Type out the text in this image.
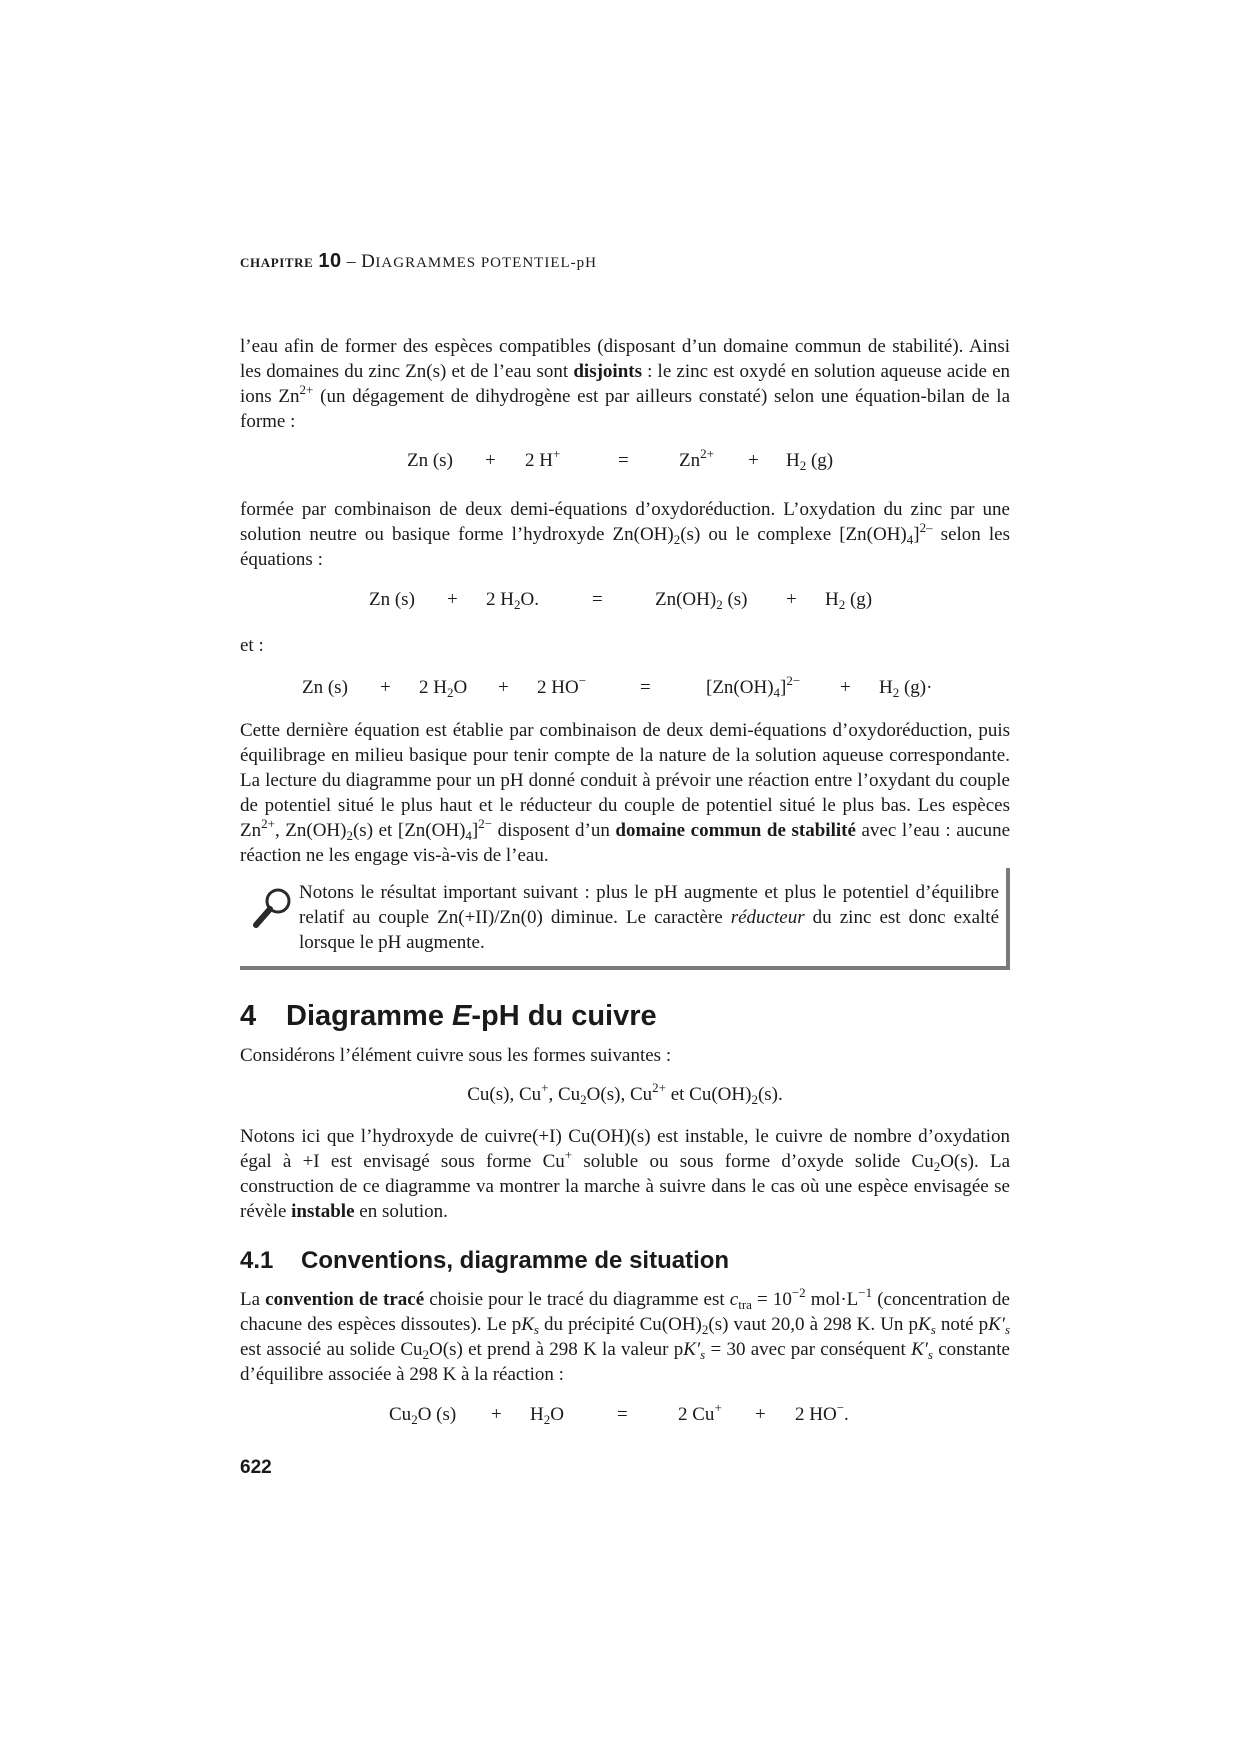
CHAPITRE 10 – DIAGRAMMES POTENTIEL-pH
l’eau afin de former des espèces compatibles (disposant d’un domaine commun de stabilité). Ainsi les domaines du zinc Zn(s) et de l’eau sont disjoints : le zinc est oxydé en solution aqueuse acide en ions $Zn^{2+}$ (un dégagement de dihydrogène est par ailleurs constaté) selon une équation-bilan de la forme :
Zn (s) + 2 H+	=	$Zn^{2+} + H_2$ (g)
formée par combinaison de deux demi-équations d’oxydoréduction. L’oxydation du zinc par une solution neutre ou basique forme l’hydroxyde $Zn(OH)_2(s)$ ou le complexe $[Zn(OH)_4]^{2-}$ selon les équations :
Zn (s) + 2 $H_2O$.	=	$Zn(OH)_2$ $(s) + H_2$ (g)
et :
Zn (s) + 2 $H_2O + 2$ HO−	=	$[Zn(OH)_4]^{2-} + H_2$ (g)·
Cette dernière équation est établie par combinaison de deux demi-équations d’oxydoréduction, puis équilibrage en milieu basique pour tenir compte de la nature de la solution aqueuse correspondante. La lecture du diagramme pour un pH donné conduit à prévoir une réaction entre l’oxydant du couple de potentiel situé le plus haut et le réducteur du couple de potentiel situé le plus bas. Les espèces $Zn^{2+}$, $Zn(OH)_2(s)$ et $[Zn(OH)_4]^{2-}$ disposent d’un domaine commun de stabilité avec l’eau : aucune réaction ne les engage vis-à-vis de l’eau.
Notons le résultat important suivant : plus le pH augmente et plus le potentiel d’équilibre relatif au couple Zn(+II)/Zn(0) diminue. Le caractère réducteur du zinc est donc exalté lorsque le pH augmente.
4 Diagramme E-pH du cuivre
Considérons l’élément cuivre sous les formes suivantes :
Cu(s), Cu+, $Cu_2O(s)$, $Cu^{2+}$ et $Cu(OH)_2(s)$.
Notons ici que l’hydroxyde de cuivre(+I) Cu(OH)(s) est instable, le cuivre de nombre d’oxydation égal à +I est envisagé sous forme Cu+ soluble ou sous forme d’oxyde solide $Cu_2O(s)$. La construction de ce diagramme va montrer la marche à suivre dans le cas où une espèce envisagée se révèle instable en solution.
4.1 Conventions, diagramme de situation
La convention de tracé choisie pour le tracé du diagramme est $c_{tra} = 10^{-2}$ $mol\cdot L^{-1}$ (concentration de chacune des espèces dissoutes). Le $pK_s$ du précipité $Cu(OH)_2(s)$ vaut 20,0 à 298 K. Un $pK_s$ noté $pK'_s$ est associé au solide $Cu_2O(s)$ et prend à 298 K la valeur $pK'_s = 30$ avec par conséquent $K'_s$ constante d’équilibre associée à 298 K à la réaction :
$Cu_2O$ $(s) + H_2O$	=	2 Cu+ + 2 HO−.
622
